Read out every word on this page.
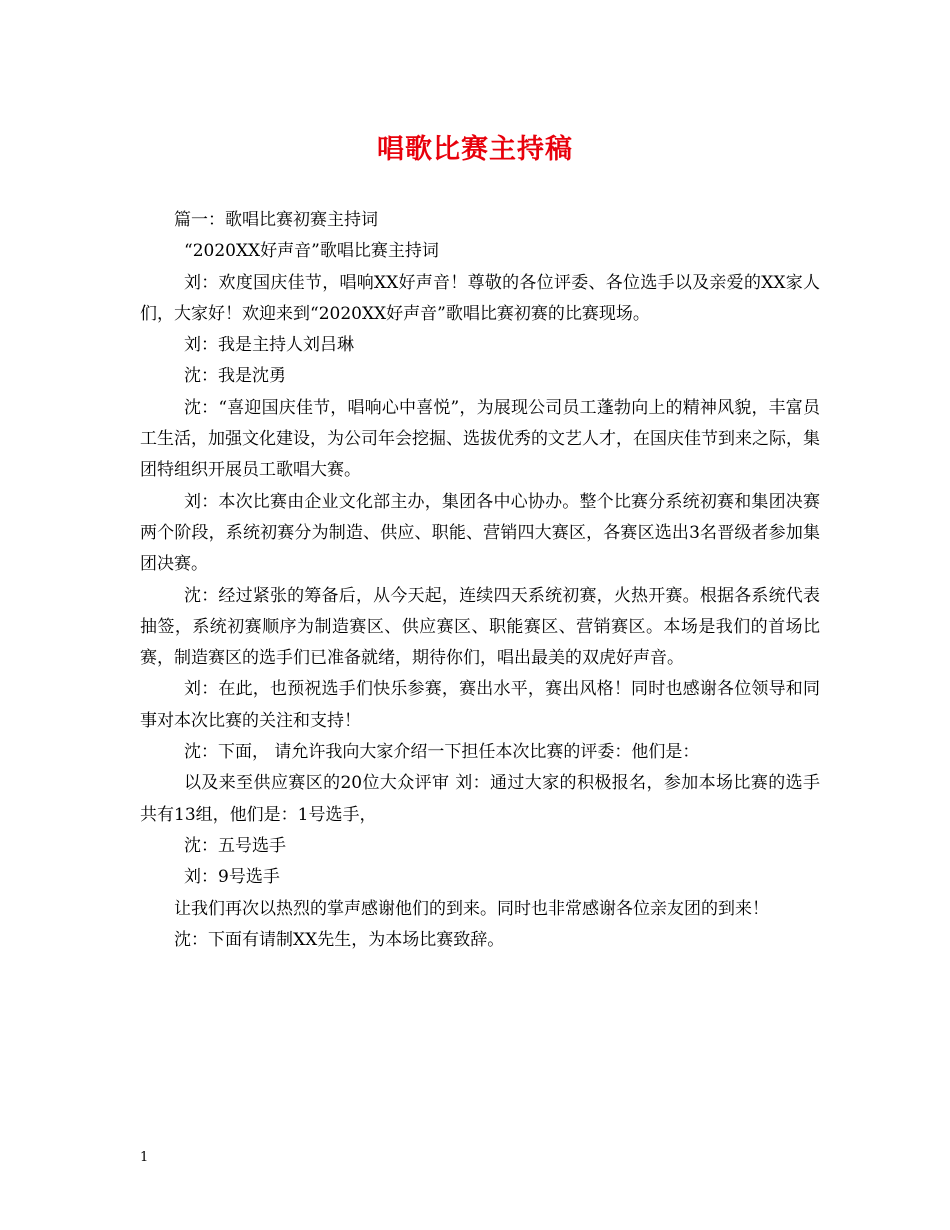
唱歌比赛主持稿

篇一：歌唱比赛初赛主持词

“2020XX好声音”歌唱比赛主持词

刘：欢度国庆佳节，唱响XX好声音！尊敬的各位评委、各位选手以及亲爱的XX家人们，大家好！欢迎来到“2020XX好声音”歌唱比赛初赛的比赛现场。

刘：我是主持人刘吕琳

沈：我是沈勇

沈：“喜迎国庆佳节，唱响心中喜悦”，为展现公司员工蓬勃向上的精神风貌，丰富员工生活，加强文化建设，为公司年会挖掘、选拔优秀的文艺人才，在国庆佳节到来之际，集团特组织开展员工歌唱大赛。

刘：本次比赛由企业文化部主办，集团各中心协办。整个比赛分系统初赛和集团决赛两个阶段，系统初赛分为制造、供应、职能、营销四大赛区，各赛区选出3名晋级者参加集团决赛。

沈：经过紧张的筹备后，从今天起，连续四天系统初赛，火热开赛。根据各系统代表抽签，系统初赛顺序为制造赛区、供应赛区、职能赛区、营销赛区。本场是我们的首场比赛，制造赛区的选手们已准备就绪，期待你们，唱出最美的双虎好声音。

刘：在此，也预祝选手们快乐参赛，赛出水平，赛出风格！同时也感谢各位领导和同事对本次比赛的关注和支持！

沈：下面， 请允许我向大家介绍一下担任本次比赛的评委：他们是：

以及来至供应赛区的20位大众评审 刘：通过大家的积极报名，参加本场比赛的选手共有13组，他们是：1号选手，

沈：五号选手

刘：9号选手

让我们再次以热烈的掌声感谢他们的到来。同时也非常感谢各位亲友团的到来！

沈：下面有请制XX先生，为本场比赛致辞。

1
